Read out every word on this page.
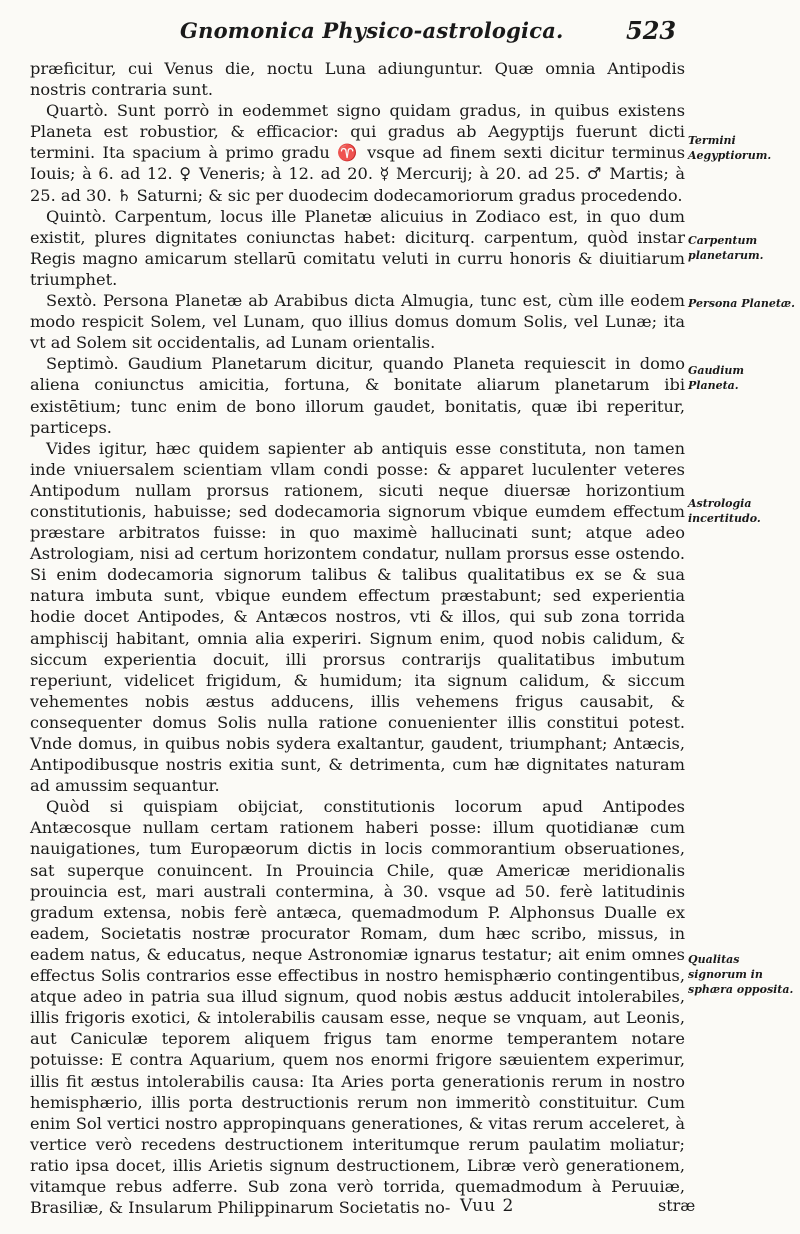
Gnomonica Physico-astrologica.	523

præficitur, cui Venus die, noctu Luna adiunguntur. Quæ omnia Antipodis nostris contraria sunt.

Quartò. Sunt porrò in eodemmet signo quidam gradus, in quibus existens Planeta est robustior, & efficacior: qui gradus ab Aegyptijs fuerunt dicti termini. Ita spacium à primo gradu ♈ vsque ad finem sexti dicitur terminus Iouis; à 6. ad 12. ♀ Veneris; à 12. ad 20. ☿ Mercurij; à 20. ad 25. ♂ Martis; à 25. ad 30. ♄ Saturni; & sic per duodecim dodecamoriorum gradus procedendo.

Quintò. Carpentum, locus ille Planetæ alicuius in Zodiaco est, in quo dum existit, plures dignitates coniunctas habet: diciturq. carpentum, quòd instar Regis magno amicarum stellarū comitatu veluti in curru honoris & diuitiarum triumphet.

Sextò. Persona Planetæ ab Arabibus dicta Almugia, tunc est, cùm ille eodem modo respicit Solem, vel Lunam, quo illius domus domum Solis, vel Lunæ; ita vt ad Solem sit occidentalis, ad Lunam orientalis.

Septimò. Gaudium Planetarum dicitur, quando Planeta requiescit in domo aliena coniunctus amicitia, fortuna, & bonitate aliarum planetarum ibi existētium; tunc enim de bono illorum gaudet, bonitatis, quæ ibi reperitur, particeps.

Vides igitur, hæc quidem sapienter ab antiquis esse constituta, non tamen inde vniuersalem scientiam vllam condi posse: & apparet luculenter veteres Antipodum nullam prorsus rationem, sicuti neque diuersæ horizontium constitutionis, habuisse; sed dodecamoria signorum vbique eumdem effectum præstare arbitratos fuisse: in quo maximè hallucinati sunt; atque adeo Astrologiam, nisi ad certum horizontem condatur, nullam prorsus esse ostendo. Si enim dodecamoria signorum talibus & talibus qualitatibus ex se & sua natura imbuta sunt, vbique eundem effectum præstabunt; sed experientia hodie docet Antipodes, & Antæcos nostros, vti & illos, qui sub zona torrida amphiscij habitant, omnia alia experiri. Signum enim, quod nobis calidum, & siccum experientia docuit, illi prorsus contrarijs qualitatibus imbutum reperiunt, videlicet frigidum, & humidum; ita signum calidum, & siccum vehementes nobis æstus adducens, illis vehemens frigus causabit, & consequenter domus Solis nulla ratione conuenienter illis constitui potest. Vnde domus, in quibus nobis sydera exaltantur, gaudent, triumphant; Antæcis, Antipodibusque nostris exitia sunt, & detrimenta, cum hæ dignitates naturam ad amussim sequantur.

Quòd si quispiam obijciat, constitutionis locorum apud Antipodes Antæcosque nullam certam rationem haberi posse: illum quotidianæ cum nauigationes, tum Europæorum dictis in locis commorantium obseruationes, sat superque conuincent. In Prouincia Chile, quæ Americæ meridionalis prouincia est, mari australi contermina, à 30. vsque ad 50. ferè latitudinis gradum extensa, nobis ferè antæca, quemadmodum P. Alphonsus Dualle ex eadem, Societatis nostræ procurator Romam, dum hæc scribo, missus, in eadem natus, & educatus, neque Astronomiæ ignarus testatur; ait enim omnes effectus Solis contrarios esse effectibus in nostro hemisphærio contingentibus, atque adeo in patria sua illud signum, quod nobis æstus adducit intolerabiles, illis frigoris exotici, & intolerabilis causam esse, neque se vnquam, aut Leonis, aut Caniculæ teporem aliquem frigus tam enorme temperantem notare potuisse: E contra Aquarium, quem nos enormi frigore sæuientem experimur, illis fit æstus intolerabilis causa: Ita Aries porta generationis rerum in nostro hemisphærio, illis porta destructionis rerum non immeritò constituitur. Cum enim Sol vertici nostro appropinquans generationes, & vitas rerum acceleret, à vertice verò recedens destructionem interitumque rerum paulatim moliatur; ratio ipsa docet, illis Arietis signum destructionem, Libræ verò generationem, vitamque rebus adferre. Sub zona verò torrida, quemadmodum à Peruuiæ, Brasiliæ, & Insularum Philippinarum Societatis no-

Termini Aegyptiorum.
Carpentum planetarum.
Persona Planetæ.
Gaudium Planeta.
Astrologia incertitudo.
Qualitas signorum in sphæra opposita.
Vuu 2	stræ
